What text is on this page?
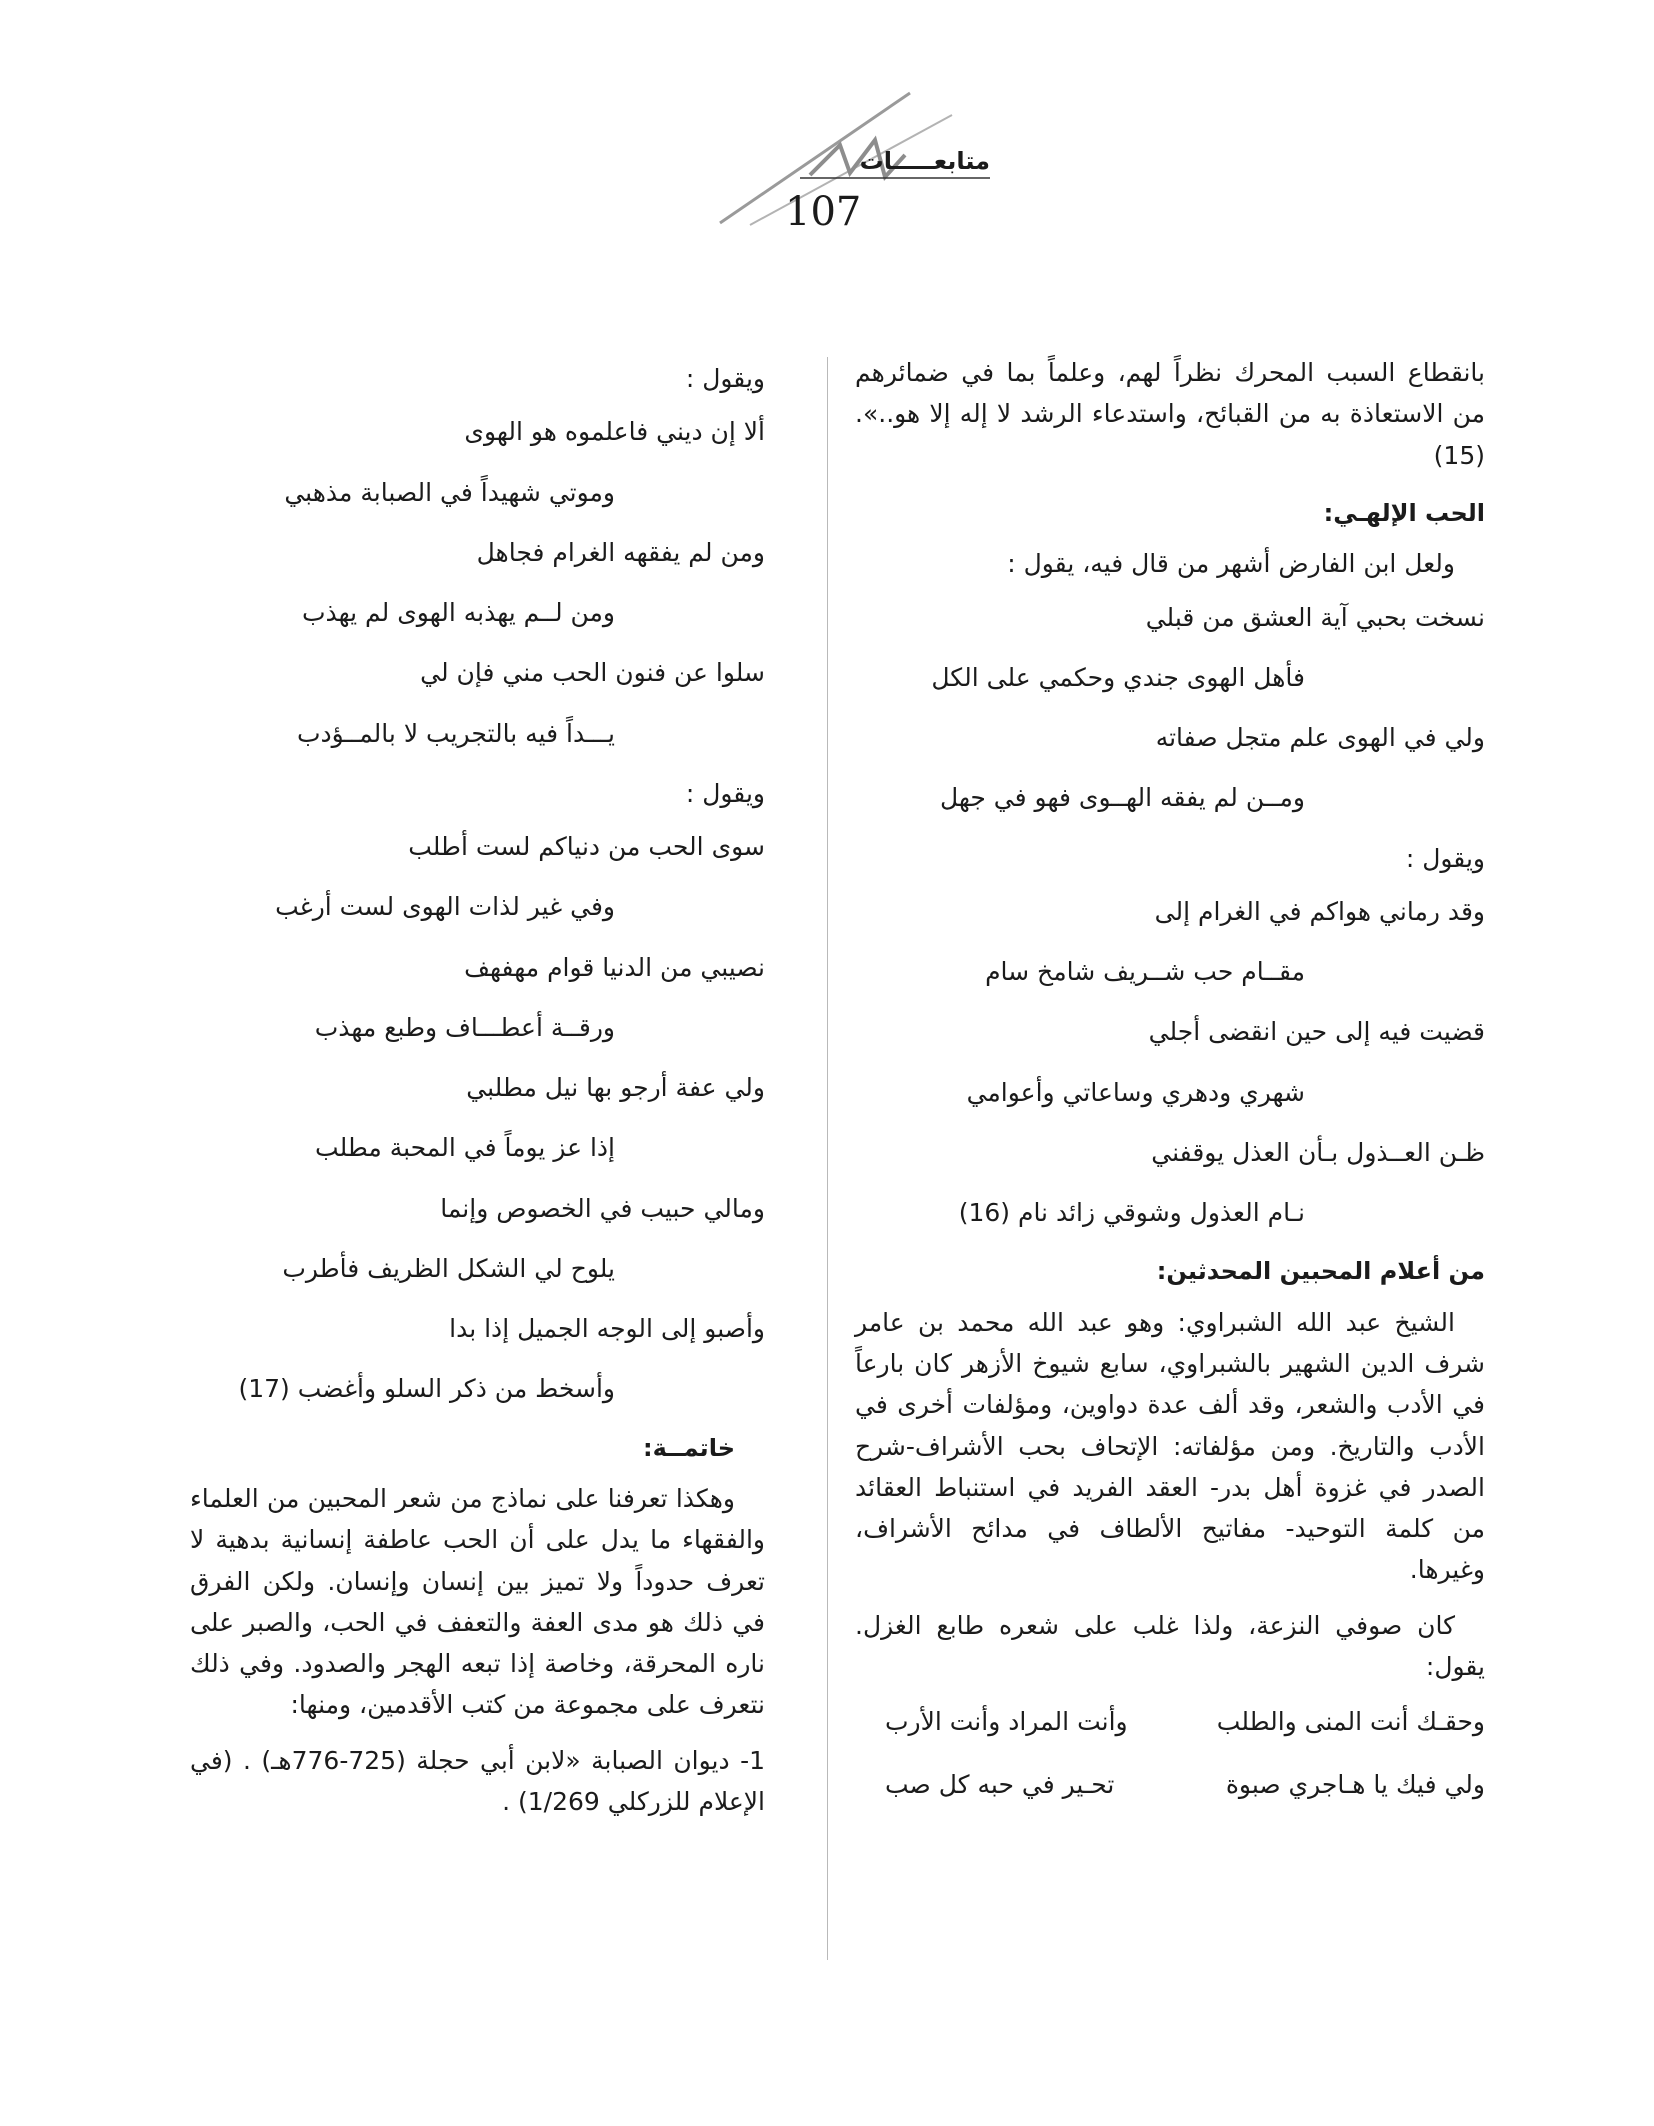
متابعـــــات
107

بانقطاع السبب المحرك نظراً لهم، وعلماً بما في ضمائرهم من الاستعاذة به من القبائح، واستدعاء الرشد لا إله إلا هو..». (15)

الحب الإلهـي:

ولعل ابن الفارض أشهر من قال فيه، يقول :

نسخت بحبي آية العشق من قبلي

فأهل الهوى جندي وحكمي على الكل

ولي في الهوى علم متجل صفاته

ومــن لم يفقه الهــوى فهو في جهل

ويقول :

وقد رماني هواكم في الغرام إلى

مقــام حب شــريف شامخ سام

قضيت فيه إلى حين انقضى أجلي

شهري ودهري وساعاتي وأعوامي

ظـن العــذول بـأن العذل يوقفني

نـام العذول وشوقي زائد نام (16)

من أعلام المحبين المحدثين:

الشيخ عبد الله الشبراوي: وهو عبد الله محمد بن عامر شرف الدين الشهير بالشبراوي، سابع شيوخ الأزهر كان بارعاً في الأدب والشعر، وقد ألف عدة دواوين، ومؤلفات أخرى في الأدب والتاريخ. ومن مؤلفاته: الإتحاف بحب الأشراف-شرح الصدر في غزوة أهل بدر- العقد الفريد في استنباط العقائد من كلمة التوحيد- مفاتيح الألطاف في مدائح الأشراف، وغيرها.

كان صوفي النزعة، ولذا غلب على شعره طابع الغزل. يقول:

وحقـك أنت المنى والطلب
وأنت المراد وأنت الأرب
ولي فيك يا هـاجري صبوة
تحـير في حبه كل صب

ويقول :

ألا إن ديني فاعلموه هو الهوى

وموتي شهيداً في الصبابة مذهبي

ومن لم يفقهه الغرام فجاهل

ومن لــم يهذبه الهوى لم يهذب

سلوا عن فنون الحب مني فإن لي

يـــداً فيه بالتجريب لا بالمــؤدب

ويقول :

سوى الحب من دنياكم لست أطلب

وفي غير لذات الهوى لست أرغب

نصيبي من الدنيا قوام مهفهف

ورقــة أعطـــاف وطبع مهذب

ولي عفة أرجو بها نيل مطلبي

إذا عز يوماً في المحبة مطلب

ومالي حبيب في الخصوص وإنما

يلوح لي الشكل الظريف فأطرب

وأصبو إلى الوجه الجميل إذا بدا

وأسخط من ذكر السلو وأغضب (17)

خاتمــة:

وهكذا تعرفنا على نماذج من شعر المحبين من العلماء والفقهاء ما يدل على أن الحب عاطفة إنسانية بدهية لا تعرف حدوداً ولا تميز بين إنسان وإنسان. ولكن الفرق في ذلك هو مدى العفة والتعفف في الحب، والصبر على ناره المحرقة، وخاصة إذا تبعه الهجر والصدود. وفي ذلك نتعرف على مجموعة من كتب الأقدمين، ومنها:

1- ديوان الصبابة «لابن أبي حجلة (725-776هـ) . (في الإعلام للزركلي 1/269) .
